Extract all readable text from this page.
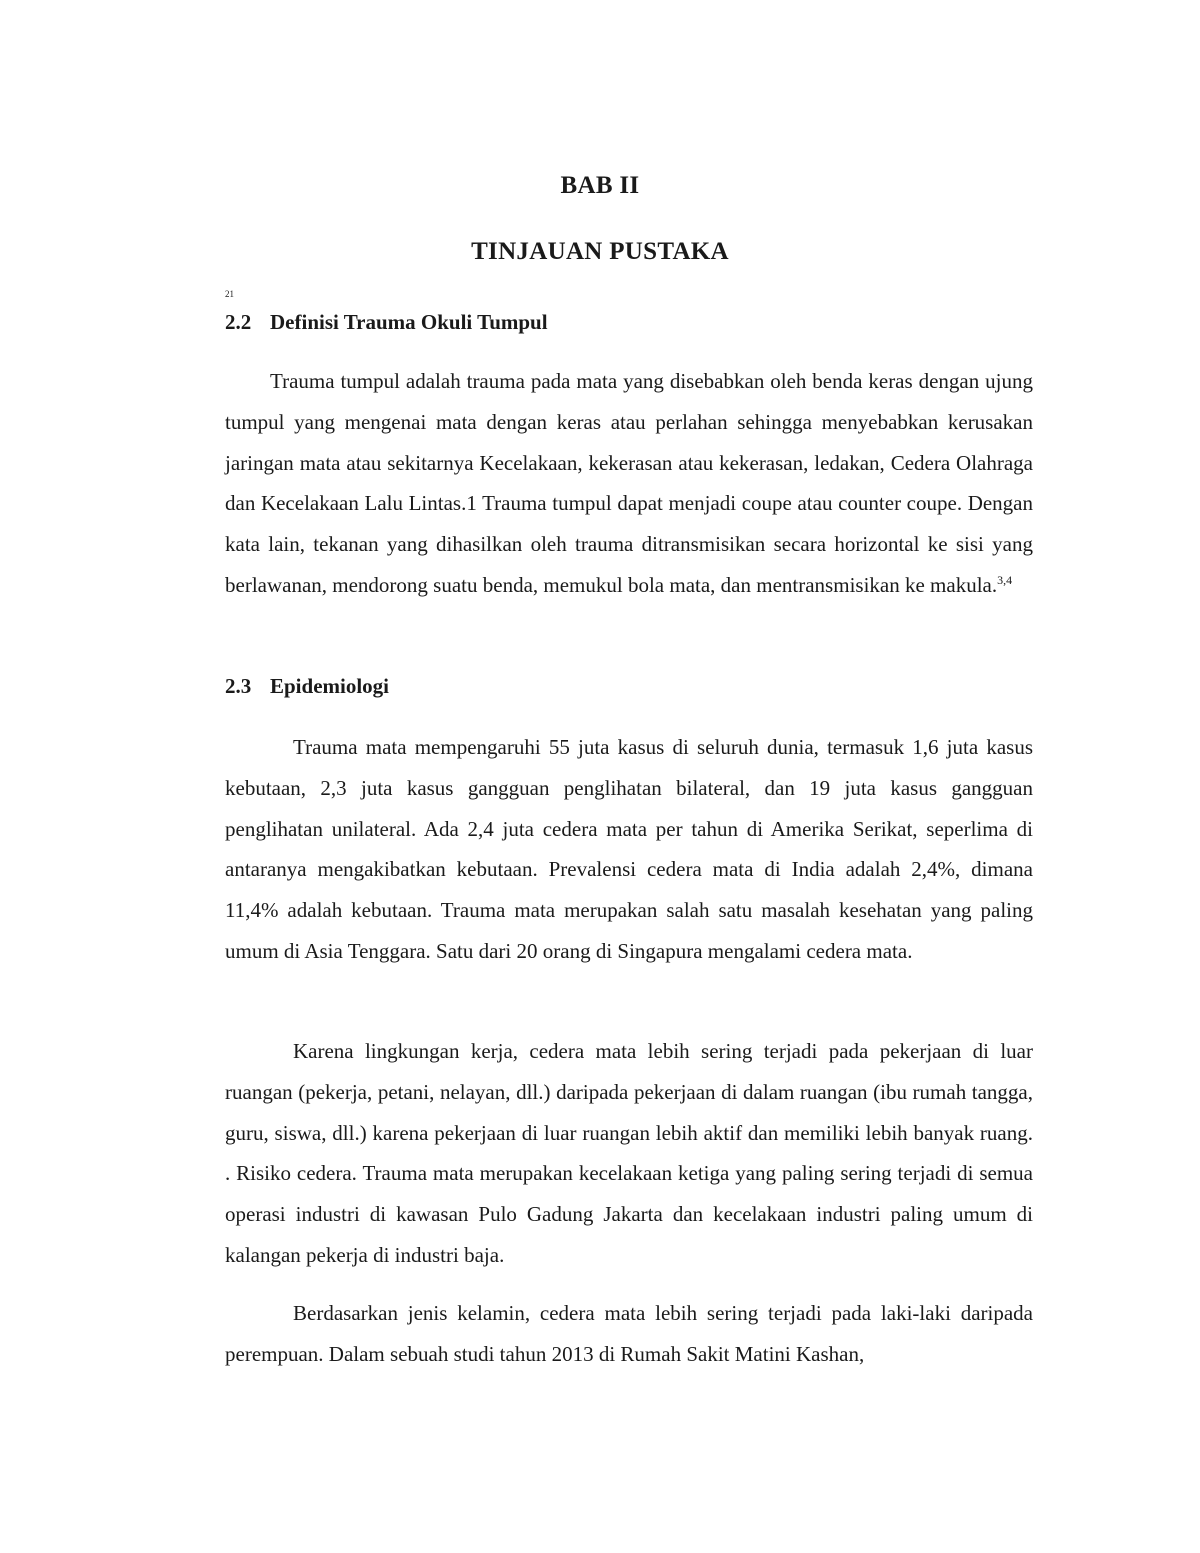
BAB II
TINJAUAN PUSTAKA
21
2.2 Definisi Trauma Okuli Tumpul

Trauma tumpul adalah trauma pada mata yang disebabkan oleh benda keras dengan ujung tumpul yang mengenai mata dengan keras atau perlahan sehingga menyebabkan kerusakan jaringan mata atau sekitarnya Kecelakaan, kekerasan atau kekerasan, ledakan, Cedera Olahraga dan Kecelakaan Lalu Lintas.1 Trauma tumpul dapat menjadi coupe atau counter coupe. Dengan kata lain, tekanan yang dihasilkan oleh trauma ditransmisikan secara horizontal ke sisi yang berlawanan, mendorong suatu benda, memukul bola mata, dan mentransmisikan ke makula.$^{3,4}$

2.3 Epidemiologi

Trauma mata mempengaruhi 55 juta kasus di seluruh dunia, termasuk 1,6 juta kasus kebutaan, 2,3 juta kasus gangguan penglihatan bilateral, dan 19 juta kasus gangguan penglihatan unilateral. Ada 2,4 juta cedera mata per tahun di Amerika Serikat, seperlima di antaranya mengakibatkan kebutaan. Prevalensi cedera mata di India adalah 2,4%, dimana 11,4% adalah kebutaan. Trauma mata merupakan salah satu masalah kesehatan yang paling umum di Asia Tenggara. Satu dari 20 orang di Singapura mengalami cedera mata.

Karena lingkungan kerja, cedera mata lebih sering terjadi pada pekerjaan di luar ruangan (pekerja, petani, nelayan, dll.) daripada pekerjaan di dalam ruangan (ibu rumah tangga, guru, siswa, dll.) karena pekerjaan di luar ruangan lebih aktif dan memiliki lebih banyak ruang. . Risiko cedera. Trauma mata merupakan kecelakaan ketiga yang paling sering terjadi di semua operasi industri di kawasan Pulo Gadung Jakarta dan kecelakaan industri paling umum di kalangan pekerja di industri baja.

Berdasarkan jenis kelamin, cedera mata lebih sering terjadi pada laki-laki daripada perempuan. Dalam sebuah studi tahun 2013 di Rumah Sakit Matini Kashan,
